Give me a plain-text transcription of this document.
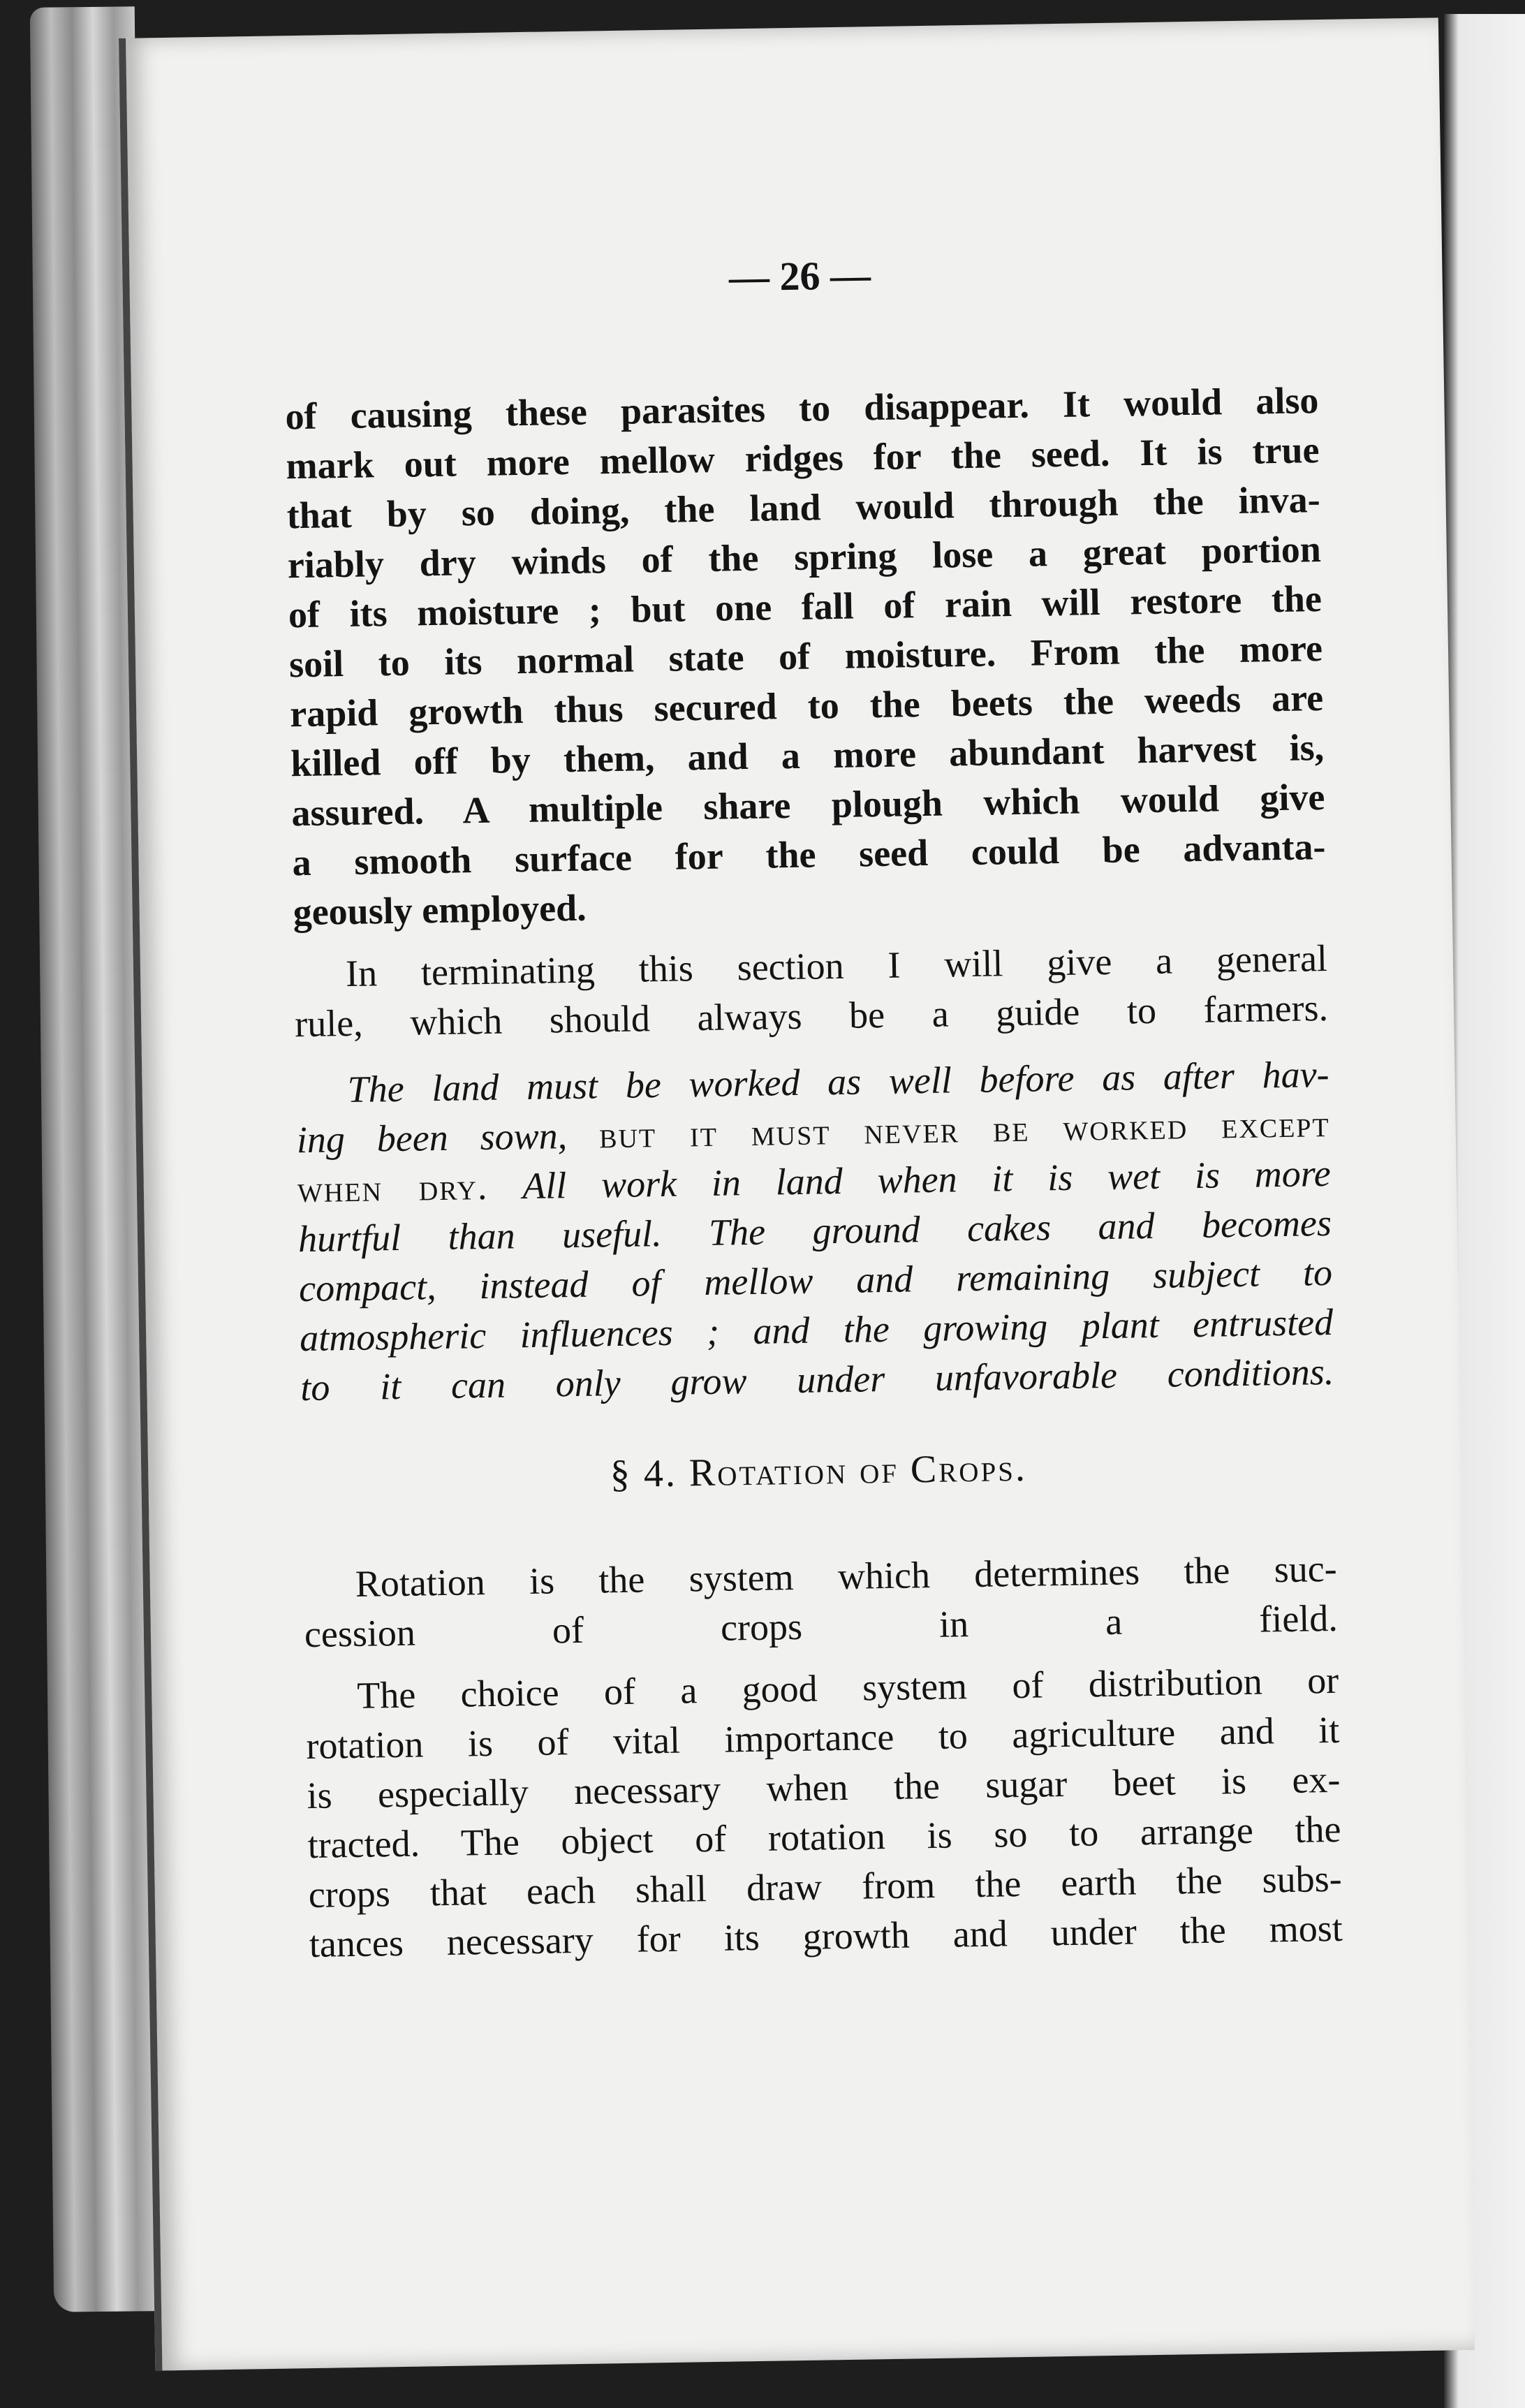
— 26 —
of causing these parasites to disappear. It would also
mark out more mellow ridges for the seed. It is true
that by so doing, the land would through the inva-
riably dry winds of the spring lose a great portion
of its moisture ; but one fall of rain will restore the
soil to its normal state of moisture. From the more
rapid growth thus secured to the beets the weeds are
killed off by them, and a more abundant harvest is,
assured. A multiple share plough which would give
a smooth surface for the seed could be advanta-
geously employed.
In terminating this section I will give a general
rule, which should always be a guide to farmers.
The land must be worked as well before as after hav-
ing been sown, but it must never be worked except
when dry. All work in land when it is wet is more
hurtful than useful. The ground cakes and becomes
compact, instead of mellow and remaining subject to
atmospheric influences ; and the growing plant entrusted
to it can only grow under unfavorable conditions.
§ 4. Rotation of Crops.
Rotation is the system which determines the suc-
cession of crops in a field.
The choice of a good system of distribution or
rotation is of vital importance to agriculture and it
is especially necessary when the sugar beet is ex-
tracted. The object of rotation is so to arrange the
crops that each shall draw from the earth the subs-
tances necessary for its growth and under the most
